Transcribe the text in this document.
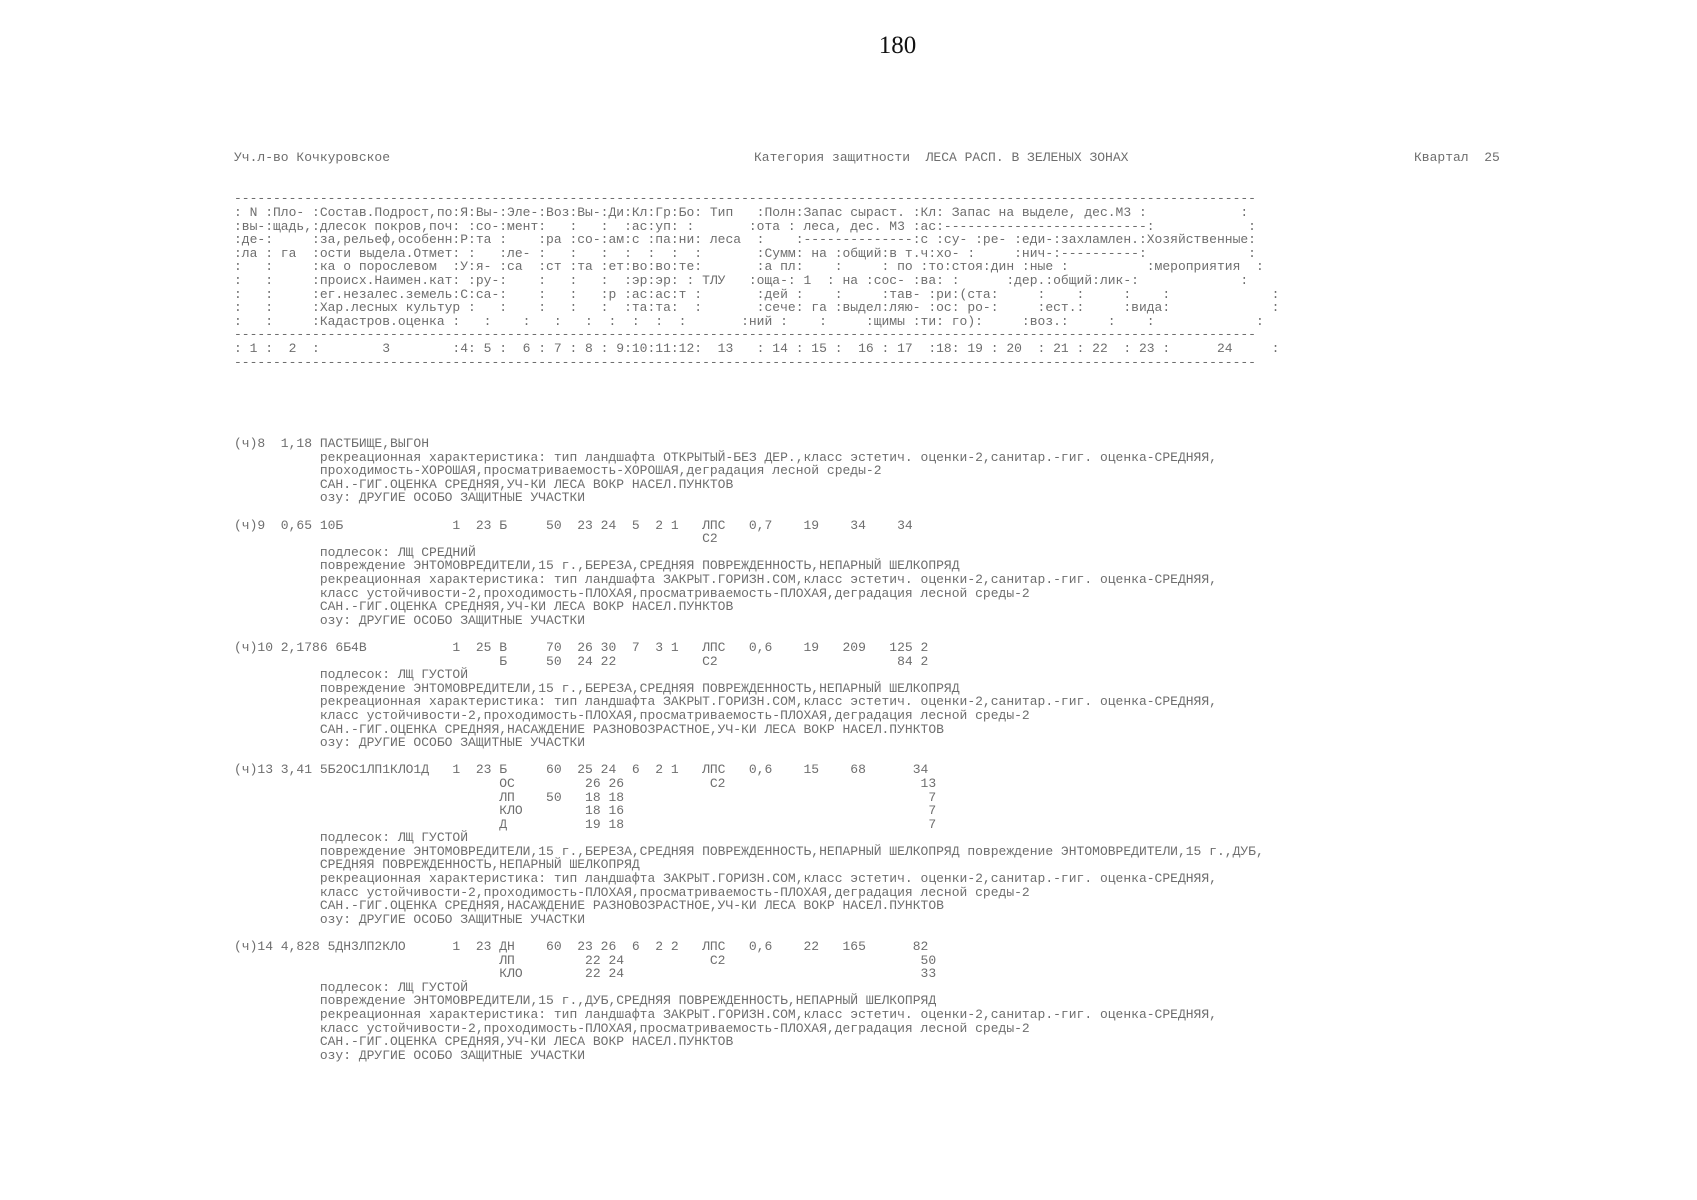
180

Уч.л-во Кочкуровское

	Категория защитности  ЛЕСА РАСП. В ЗЕЛЕНЫХ ЗОНАХ

	Квартал  25

-----------------------------------------------------------------------------------------------------------------------------------
: N :Пло- :Состав.Подрост,по:Я:Вы-:Эле-:Воз:Вы-:Ди:Кл:Гр:Бо: Тип   :Полн:Запас сыраст. :Кл: Запас на выделе, дес.М3 :            :
:вы-:щадь,:длесок покров,поч: :со-:мент:   :   :  :ас:уп: :       :ота : леса, дес. М3 :ас:--------------------------:            :
:де-:     :за,рельеф,особенн:Р:та :    :ра :со-:ам:с :па:ни: леса  :    :--------------:с :су- :ре- :еди-:захламлен.:Хозяйственные:
:ла : га  :ости выдела.Отмет: :   :ле- :   :   :  :  :  :  :       :Сумм: на :общий:в т.ч:хо- :     :нич-:----------:             :
:   :     :ка о порослевом  :У:я- :са  :ст :та :ет:во:во:те:       :а пл:    :     : по :то:стоя:дин :ные :          :мероприятия  :
:   :     :происх.Наимен.кат: :ру-:    :   :   :  :эр:эр: : ТЛУ   :оща-: 1  : на :сос- :ва: :      :дер.:общий:лик-:             :
:   :     :ег.незалес.земель:С:са-:    :   :   :р :ас:ас:т :       :дей :    :     :тав- :ри:(ста:     :    :     :    :             :
:   :     :Хар.лесных культур :   :    :   :   :  :та:та:  :       :сече: га :выдел:ляю- :ос: ро-:     :ест.:     :вида:             :
:   :     :Кадастров.оценка :   :    :   :   :  :  :  :  :       :ний :    :     :щимы :ти: го):     :воз.:     :    :             :
-----------------------------------------------------------------------------------------------------------------------------------
: 1 :  2  :        3        :4: 5 :  6 : 7 : 8 : 9:10:11:12:  13   : 14 : 15 :  16 : 17  :18: 19 : 20  : 21 : 22  : 23 :      24     :
-----------------------------------------------------------------------------------------------------------------------------------

(ч)8  1,18 ПАСТБИЩЕ,ВЫГОН
рекреационная характеристика: тип ландшафта ОТКРЫТЫЙ-БЕЗ ДЕР.,класс эстетич. оценки-2,санитар.-гиг. оценка-СРЕДНЯЯ,
проходимость-ХОРОШАЯ,просматриваемость-ХОРОШАЯ,деградация лесной среды-2
САН.-ГИГ.ОЦЕНКА СРЕДНЯЯ,УЧ-КИ ЛЕСА ВОКР НАСЕЛ.ПУНКТОВ
озу: ДРУГИЕ ОСОБО ЗАЩИТНЫЕ УЧАСТКИ
(ч)9  0,65 10Б              1  23 Б     50  23 24  5  2 1   ЛПС   0,7    19    34    34
С2
подлесок: ЛЩ СРЕДНИЙ
повреждение ЭНТОМОВРЕДИТЕЛИ,15 г.,БЕРЕЗА,СРЕДНЯЯ ПОВРЕЖДЕННОСТЬ,НЕПАРНЫЙ ШЕЛКОПРЯД
рекреационная характеристика: тип ландшафта ЗАКРЫТ.ГОРИЗН.СОМ,класс эстетич. оценки-2,санитар.-гиг. оценка-СРЕДНЯЯ,
класс устойчивости-2,проходимость-ПЛОХАЯ,просматриваемость-ПЛОХАЯ,деградация лесной среды-2
САН.-ГИГ.ОЦЕНКА СРЕДНЯЯ,УЧ-КИ ЛЕСА ВОКР НАСЕЛ.ПУНКТОВ
озу: ДРУГИЕ ОСОБО ЗАЩИТНЫЕ УЧАСТКИ
(ч)10 2,1786 6Б4В           1  25 В     70  26 30  7  3 1   ЛПС   0,6    19   209   125 2
Б     50  24 22           С2                       84 2
подлесок: ЛЩ ГУСТОЙ
повреждение ЭНТОМОВРЕДИТЕЛИ,15 г.,БЕРЕЗА,СРЕДНЯЯ ПОВРЕЖДЕННОСТЬ,НЕПАРНЫЙ ШЕЛКОПРЯД
рекреационная характеристика: тип ландшафта ЗАКРЫТ.ГОРИЗН.СОМ,класс эстетич. оценки-2,санитар.-гиг. оценка-СРЕДНЯЯ,
класс устойчивости-2,проходимость-ПЛОХАЯ,просматриваемость-ПЛОХАЯ,деградация лесной среды-2
САН.-ГИГ.ОЦЕНКА СРЕДНЯЯ,НАСАЖДЕНИЕ РАЗНОВОЗРАСТНОЕ,УЧ-КИ ЛЕСА ВОКР НАСЕЛ.ПУНКТОВ
озу: ДРУГИЕ ОСОБО ЗАЩИТНЫЕ УЧАСТКИ
(ч)13 3,41 5Б2ОС1ЛП1КЛО1Д   1  23 Б     60  25 24  6  2 1   ЛПС   0,6    15    68      34
ОС         26 26           С2                         13
ЛП    50   18 18                                       7
КЛО        18 16                                       7
Д          19 18                                       7
подлесок: ЛЩ ГУСТОЙ
повреждение ЭНТОМОВРЕДИТЕЛИ,15 г.,БЕРЕЗА,СРЕДНЯЯ ПОВРЕЖДЕННОСТЬ,НЕПАРНЫЙ ШЕЛКОПРЯД повреждение ЭНТОМОВРЕДИТЕЛИ,15 г.,ДУБ,
СРЕДНЯЯ ПОВРЕЖДЕННОСТЬ,НЕПАРНЫЙ ШЕЛКОПРЯД
рекреационная характеристика: тип ландшафта ЗАКРЫТ.ГОРИЗН.СОМ,класс эстетич. оценки-2,санитар.-гиг. оценка-СРЕДНЯЯ,
класс устойчивости-2,проходимость-ПЛОХАЯ,просматриваемость-ПЛОХАЯ,деградация лесной среды-2
САН.-ГИГ.ОЦЕНКА СРЕДНЯЯ,НАСАЖДЕНИЕ РАЗНОВОЗРАСТНОЕ,УЧ-КИ ЛЕСА ВОКР НАСЕЛ.ПУНКТОВ
озу: ДРУГИЕ ОСОБО ЗАЩИТНЫЕ УЧАСТКИ
(ч)14 4,828 5ДН3ЛП2КЛО      1  23 ДН    60  23 26  6  2 2   ЛПС   0,6    22   165      82
ЛП         22 24           С2                         50
КЛО        22 24                                      33
подлесок: ЛЩ ГУСТОЙ
повреждение ЭНТОМОВРЕДИТЕЛИ,15 г.,ДУБ,СРЕДНЯЯ ПОВРЕЖДЕННОСТЬ,НЕПАРНЫЙ ШЕЛКОПРЯД
рекреационная характеристика: тип ландшафта ЗАКРЫТ.ГОРИЗН.СОМ,класс эстетич. оценки-2,санитар.-гиг. оценка-СРЕДНЯЯ,
класс устойчивости-2,проходимость-ПЛОХАЯ,просматриваемость-ПЛОХАЯ,деградация лесной среды-2
САН.-ГИГ.ОЦЕНКА СРЕДНЯЯ,УЧ-КИ ЛЕСА ВОКР НАСЕЛ.ПУНКТОВ
озу: ДРУГИЕ ОСОБО ЗАЩИТНЫЕ УЧАСТКИ
